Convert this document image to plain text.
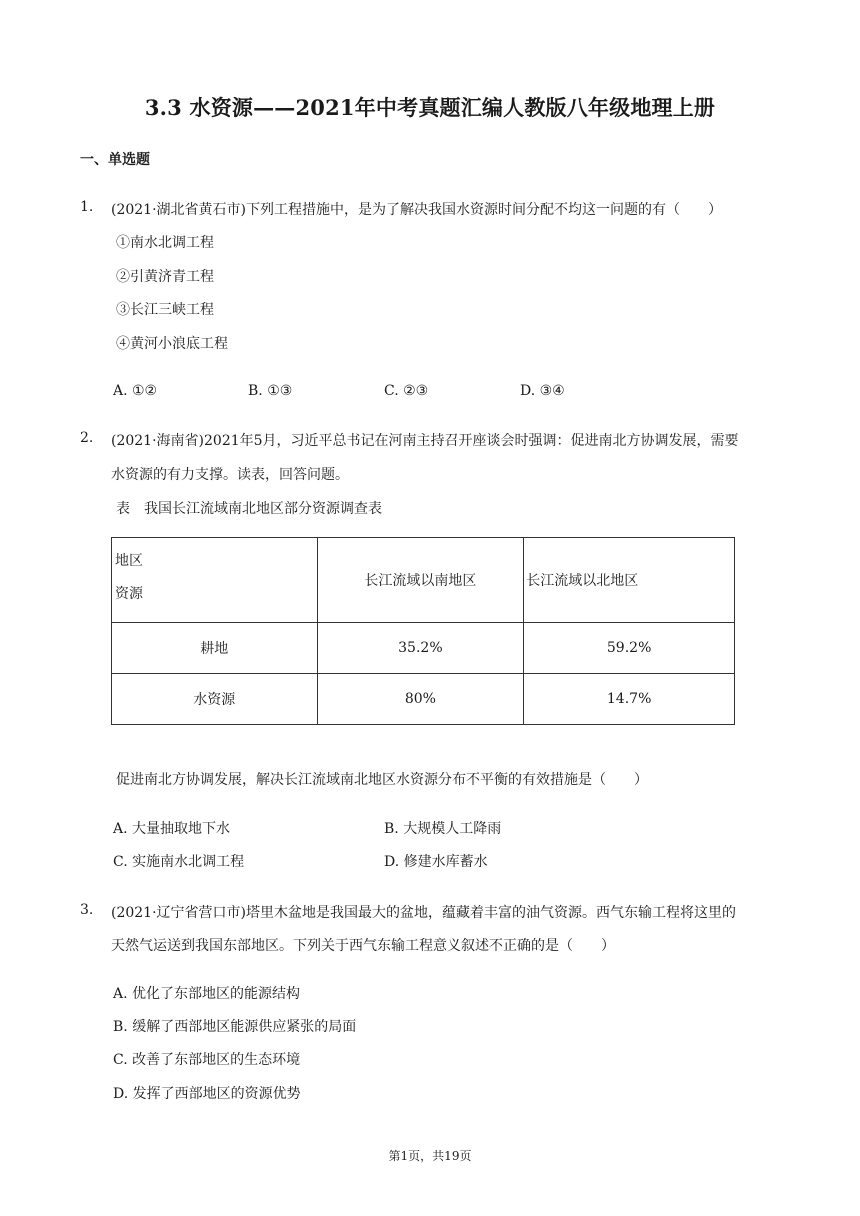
3.3 水资源——2021年中考真题汇编人教版八年级地理上册
一、单选题
1. (2021·湖北省黄石市)下列工程措施中，是为了解决我国水资源时间分配不均这一问题的有（　　）
①南水北调工程
②引黄济青工程
③长江三峡工程
④黄河小浪底工程
A. ①②	B. ①③	C. ②③	D. ③④
2. (2021·海南省)2021年5月，习近平总书记在河南主持召开座谈会时强调：促进南北方协调发展，需要
水资源的有力支撑。读表，回答问题。
表　我国长江流域南北地区部分资源调查表
地区
资源	长江流域以南地区	长江流域以北地区
耕地	35.2%	59.2%
水资源	80%	14.7%
促进南北方协调发展，解决长江流域南北地区水资源分布不平衡的有效措施是（　　）
A. 大量抽取地下水	B. 大规模人工降雨
C. 实施南水北调工程	D. 修建水库蓄水
3. (2021·辽宁省营口市)塔里木盆地是我国最大的盆地，蕴藏着丰富的油气资源。西气东输工程将这里的
天然气运送到我国东部地区。下列关于西气东输工程意义叙述不正确的是（　　）
A. 优化了东部地区的能源结构
B. 缓解了西部地区能源供应紧张的局面
C. 改善了东部地区的生态环境
D. 发挥了西部地区的资源优势
第1页，共19页
